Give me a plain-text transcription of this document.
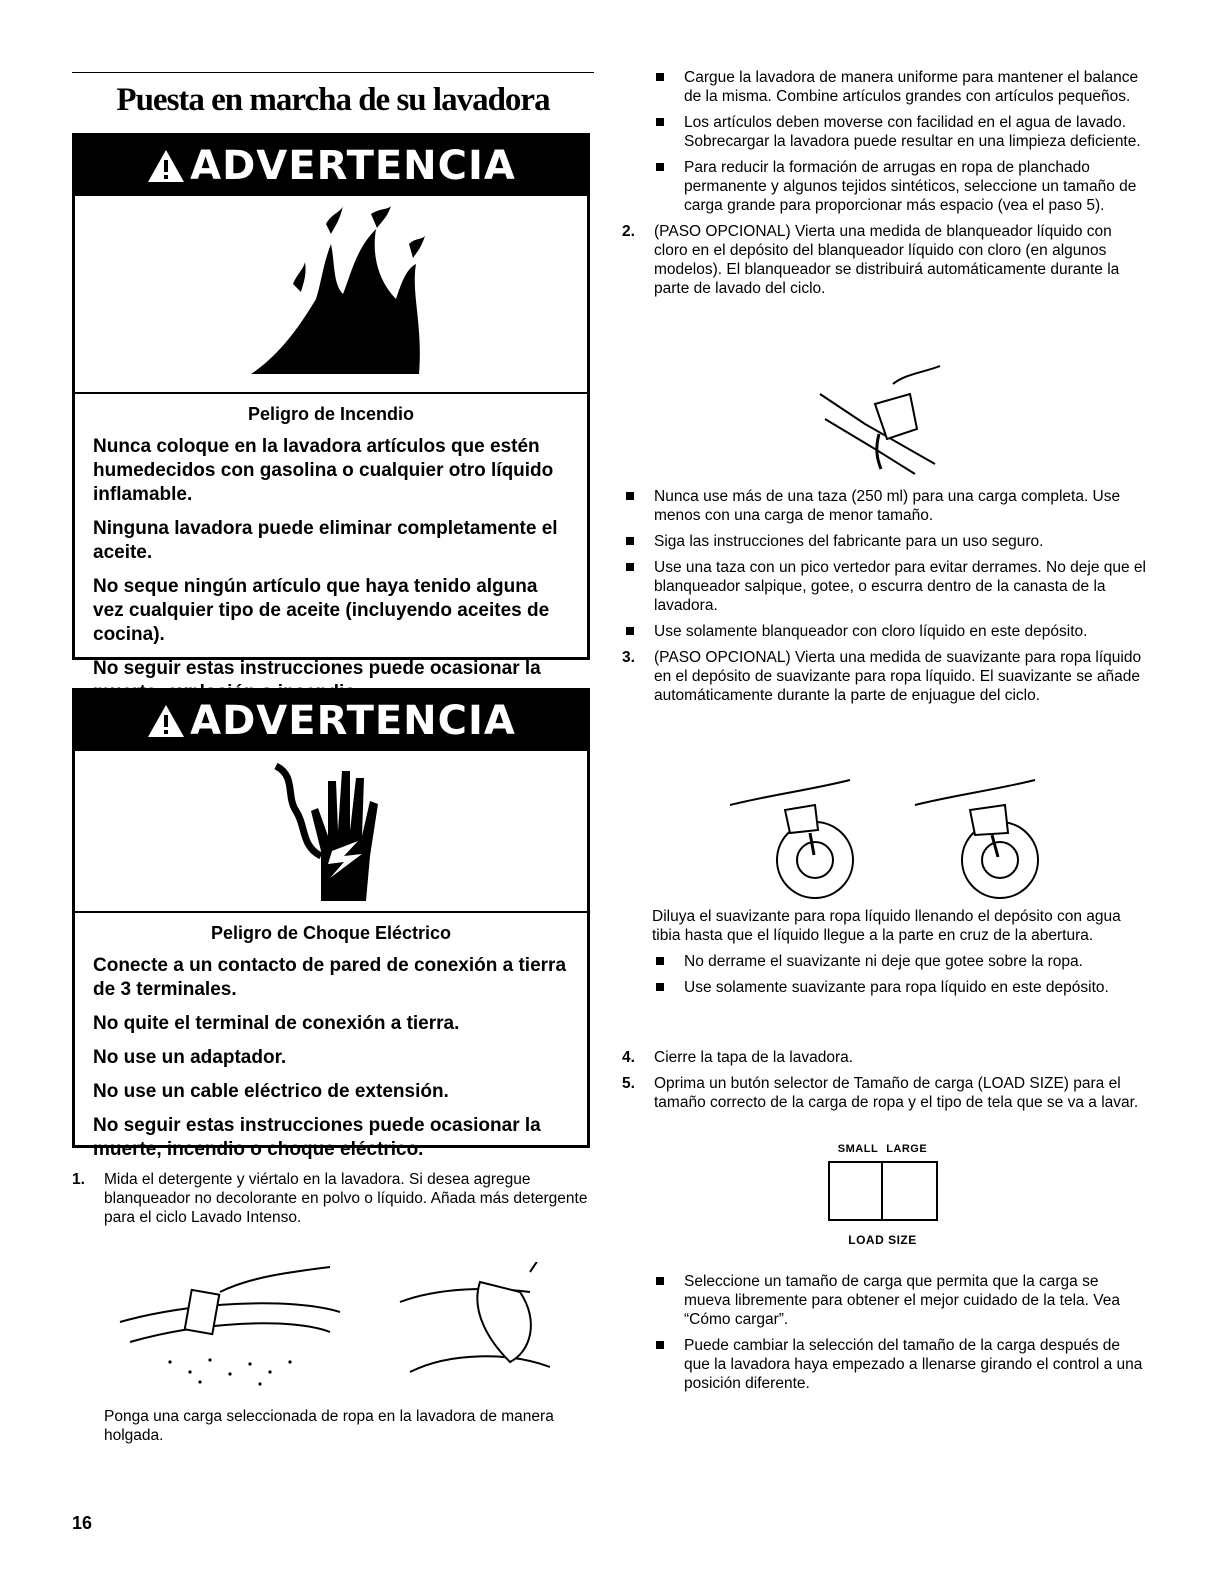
Puesta en marcha de su lavadora
ADVERTENCIA
Peligro de Incendio
Nunca coloque en la lavadora artículos que estén humedecidos con gasolina o cualquier otro líquido inflamable.
Ninguna lavadora puede eliminar completamente el aceite.
No seque ningún artículo que haya tenido alguna vez cualquier tipo de aceite (incluyendo aceites de cocina).
No seguir estas instrucciones puede ocasionar la
ADVERTENCIA
Peligro de Choque Eléctrico
Conecte a un contacto de pared de conexión a tierra de 3 terminales.
No quite el terminal de conexión a tierra.
No use un adaptador.
No use un cable eléctrico de extensión.
No seguir estas instrucciones puede ocasionar la muerte, incendio o choque eléctrico.
1. Mida el detergente y viértalo en la lavadora. Si desea agregue blanqueador no decolorante en polvo o líquido. Añada más detergente para el ciclo Lavado Intenso.
Ponga una carga seleccionada de ropa en la lavadora de manera holgada.
Cargue la lavadora de manera uniforme para mantener el balance de la misma. Combine artículos grandes con artículos pequeños.
Los artículos deben moverse con facilidad en el agua de lavado. Sobrecargar la lavadora puede resultar en una limpieza deficiente.
Para reducir la formación de arrugas en ropa de planchado permanente y algunos tejidos sintéticos, seleccione un tamaño de carga grande para proporcionar más espacio (vea el paso 5).
2. (PASO OPCIONAL) Vierta una medida de blanqueador líquido con cloro en el depósito del blanqueador líquido con cloro (en algunos modelos). El blanqueador se distribuirá automáticamente durante la parte de lavado del ciclo.
Nunca use más de una taza (250 ml) para una carga completa. Use menos con una carga de menor tamaño.
Siga las instrucciones del fabricante para un uso seguro.
Use una taza con un pico vertedor para evitar derrames. No deje que el blanqueador salpique, gotee, o escurra dentro de la canasta de la lavadora.
Use solamente blanqueador con cloro líquido en este depósito.
3. (PASO OPCIONAL) Vierta una medida de suavizante para ropa líquido en el depósito de suavizante para ropa líquido. El suavizante se añade automáticamente durante la parte de enjuague del ciclo.
Diluya el suavizante para ropa líquido llenando el depósito con agua tibia hasta que el líquido llegue a la parte en cruz de la abertura.
No derrame el suavizante ni deje que gotee sobre la ropa.
Use solamente suavizante para ropa líquido en este depósito.
4. Cierre la tapa de la lavadora.
5. Oprima un butón selector de Tamaño de carga (LOAD SIZE) para el tamaño correcto de la carga de ropa y el tipo de tela que se va a lavar.
SMALL LARGE
LOAD SIZE
Seleccione un tamaño de carga que permita que la carga se mueva libremente para obtener el mejor cuidado de la tela. Vea “Cómo cargar”.
Puede cambiar la selección del tamaño de la carga después de que la lavadora haya empezado a llenarse girando el control a una posición diferente.
16
